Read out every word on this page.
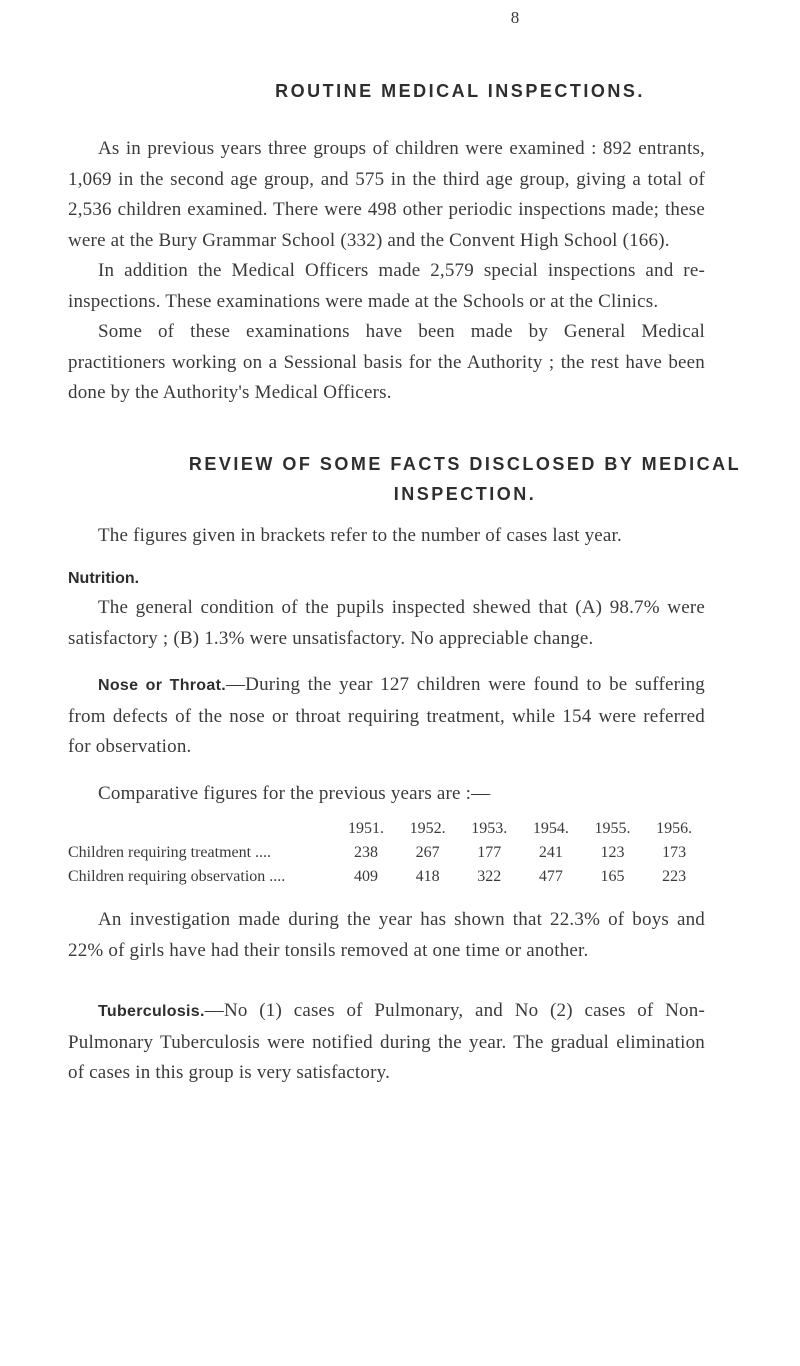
8
ROUTINE MEDICAL INSPECTIONS.

As in previous years three groups of children were examined : 892 entrants, 1,069 in the second age group, and 575 in the third age group, giving a total of 2,536 children examined. There were 498 other periodic inspections made; these were at the Bury Grammar School (332) and the Convent High School (166).

In addition the Medical Officers made 2,579 special inspections and re-inspections. These examinations were made at the Schools or at the Clinics.

Some of these examinations have been made by General Medical practitioners working on a Sessional basis for the Authority ; the rest have been done by the Authority's Medical Officers.

REVIEW OF SOME FACTS DISCLOSED BY MEDICAL INSPECTION.

The figures given in brackets refer to the number of cases last year.

Nutrition.

The general condition of the pupils inspected shewed that (A) 98.7% were satisfactory ; (B) 1.3% were unsatisfactory. No appreciable change.

Nose or Throat.—During the year 127 children were found to be suffering from defects of the nose or throat requiring treatment, while 154 were referred for observation.

Comparative figures for the previous years are :—

	1951.	1952.	1953.	1954.	1955.	1956.
Children requiring treatment ....	238	267	177	241	123	173
Children requiring observation ....	409	418	322	477	165	223

An investigation made during the year has shown that 22.3% of boys and 22% of girls have had their tonsils removed at one time or another.

Tuberculosis.—No (1) cases of Pulmonary, and No (2) cases of Non-Pulmonary Tuberculosis were notified during the year. The gradual elimination of cases in this group is very satisfactory.
